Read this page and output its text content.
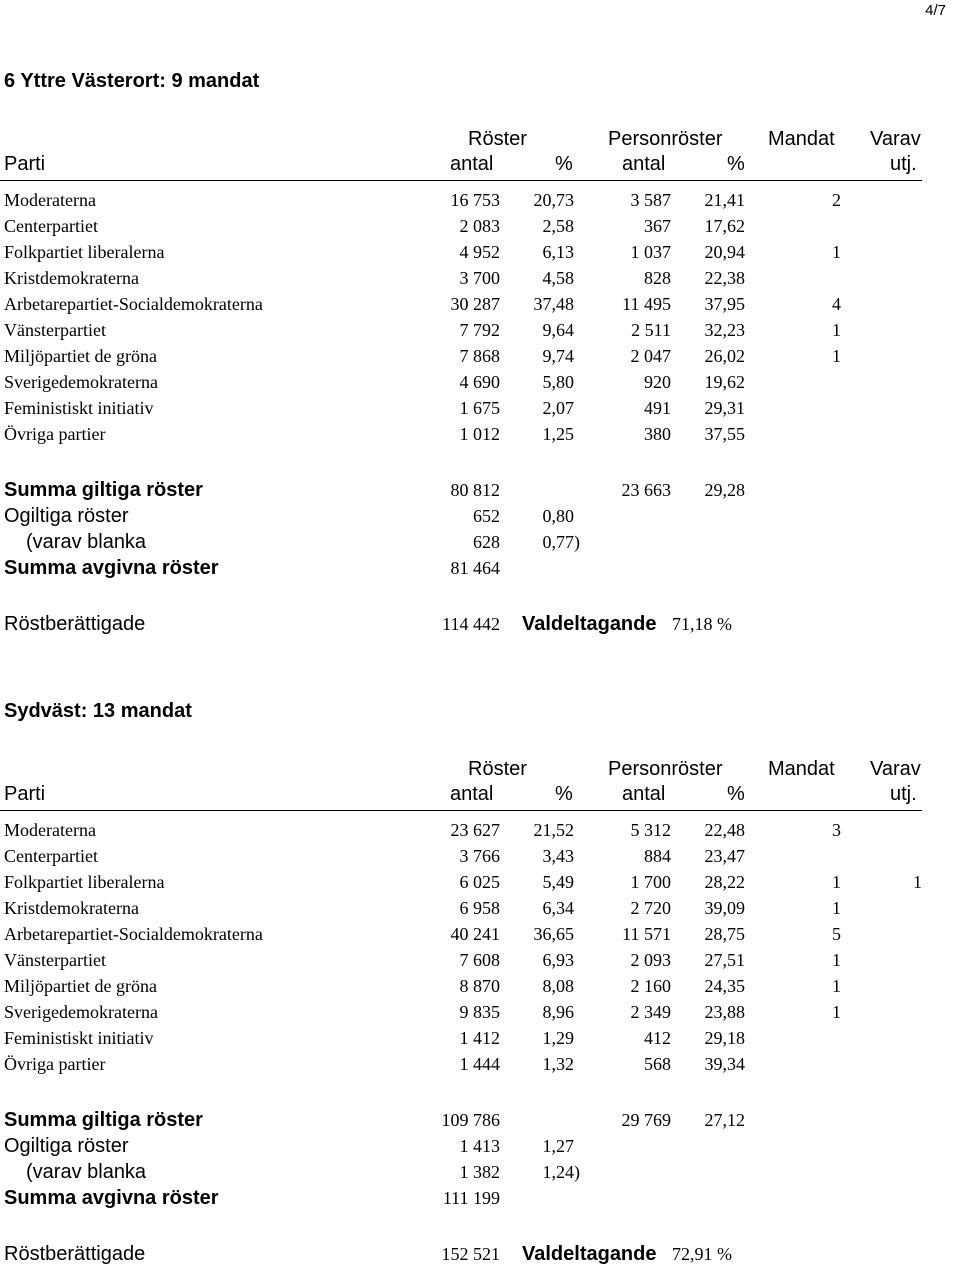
4/7
6 Yttre Västerort: 9 mandat
Röster	Personröster Mandat Varav
Parti	antal	% antal	%	utj.
Moderaterna	16 753 20,73	3 587 21,41	2
Centerpartiet	2 083 2,58	367 17,62
Folkpartiet liberalerna	4 952 6,13	1 037 20,94	1
Kristdemokraterna	3 700 4,58	828 22,38
Arbetarepartiet-Socialdemokraterna	30 287 37,48	11 495 37,95	4
Vänsterpartiet	7 792 9,64	2 511 32,23	1
Miljöpartiet de gröna	7 868 9,74	2 047 26,02	1
Sverigedemokraterna	4 690 5,80	920 19,62
Feministiskt initiativ	1 675 2,07	491 29,31
Övriga partier	1 012 1,25	380 37,55
Summa giltiga röster	80 812	23 663 29,28
Ogiltiga röster	652 0,80
(varav blanka	628 0,77)
Summa avgivna röster	81 464
Röstberättigade	114 442 Valdeltagande 71,18 %
Sydväst: 13 mandat
Röster	Personröster Mandat Varav
Parti	antal	% antal	%	utj.
Moderaterna	23 627 21,52	5 312 22,48	3
Centerpartiet	3 766 3,43	884 23,47
Folkpartiet liberalerna	6 025 5,49	1 700 28,22	1	1
Kristdemokraterna	6 958 6,34	2 720 39,09	1
Arbetarepartiet-Socialdemokraterna	40 241 36,65	11 571 28,75	5
Vänsterpartiet	7 608 6,93	2 093 27,51	1
Miljöpartiet de gröna	8 870 8,08	2 160 24,35	1
Sverigedemokraterna	9 835 8,96	2 349 23,88	1
Feministiskt initiativ	1 412 1,29	412 29,18
Övriga partier	1 444 1,32	568 39,34
Summa giltiga röster	109 786	29 769 27,12
Ogiltiga röster	1 413 1,27
(varav blanka	1 382 1,24)
Summa avgivna röster	111 199
Röstberättigade	152 521 Valdeltagande 72,91 %
